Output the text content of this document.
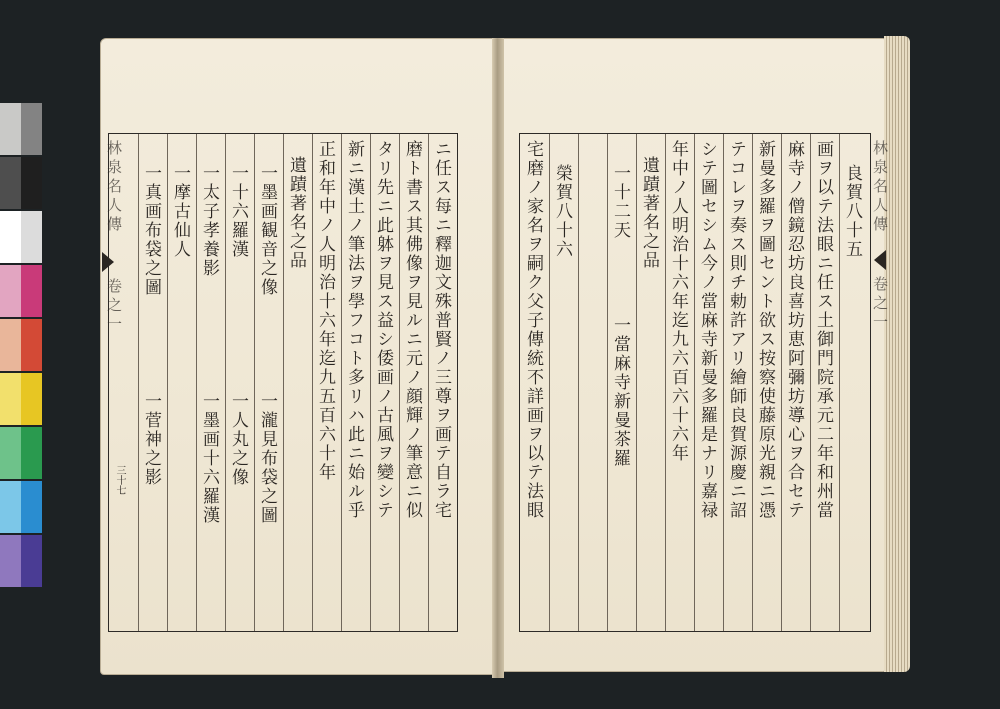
ニ任ス每ニ釋迦文殊普賢ノ三尊ヲ画テ自ラ宅
磨ト書ス其佛像ヲ見ルニ元ノ顔輝ノ筆意ニ似
タリ先ニ此躰ヲ見ス益シ倭画ノ古風ヲ變シテ
新ニ漢土ノ筆法ヲ學フコト多リハ此ニ始ル乎
正和年中ノ人明治十六年迄九五百六十年
遺蹟著名之品
一墨画観音之像　　　　　一瀧見布袋之圖
一十六羅漢　　　　　　　一人丸之像
一太子孝養影　　　　　　一墨画十六羅漢
一摩古仙人
一真画布袋之圖　　　　　一菅神之影
林泉名人傳
卷之一
三十七
良賀八十五
画ヲ以テ法眼ニ任ス土御門院承元二年和州當
麻寺ノ僧鏡忍坊良喜坊恵阿彌坊導心ヲ合セテ
新曼多羅ヲ圖セント欲ス按察使藤原光親ニ憑
テコレヲ奏ス則チ勅許アリ繪師良賀源慶ニ詔
シテ圖セシム今ノ當麻寺新曼多羅是ナリ嘉禄
年中ノ人明治十六年迄九六百六十六年
遺蹟著名之品
一十二天　　　　一當麻寺新曼茶羅
榮賀八十六
宅磨ノ家名ヲ嗣ク父子傳統不詳画ヲ以テ法眼	林泉名人傳
卷之一
